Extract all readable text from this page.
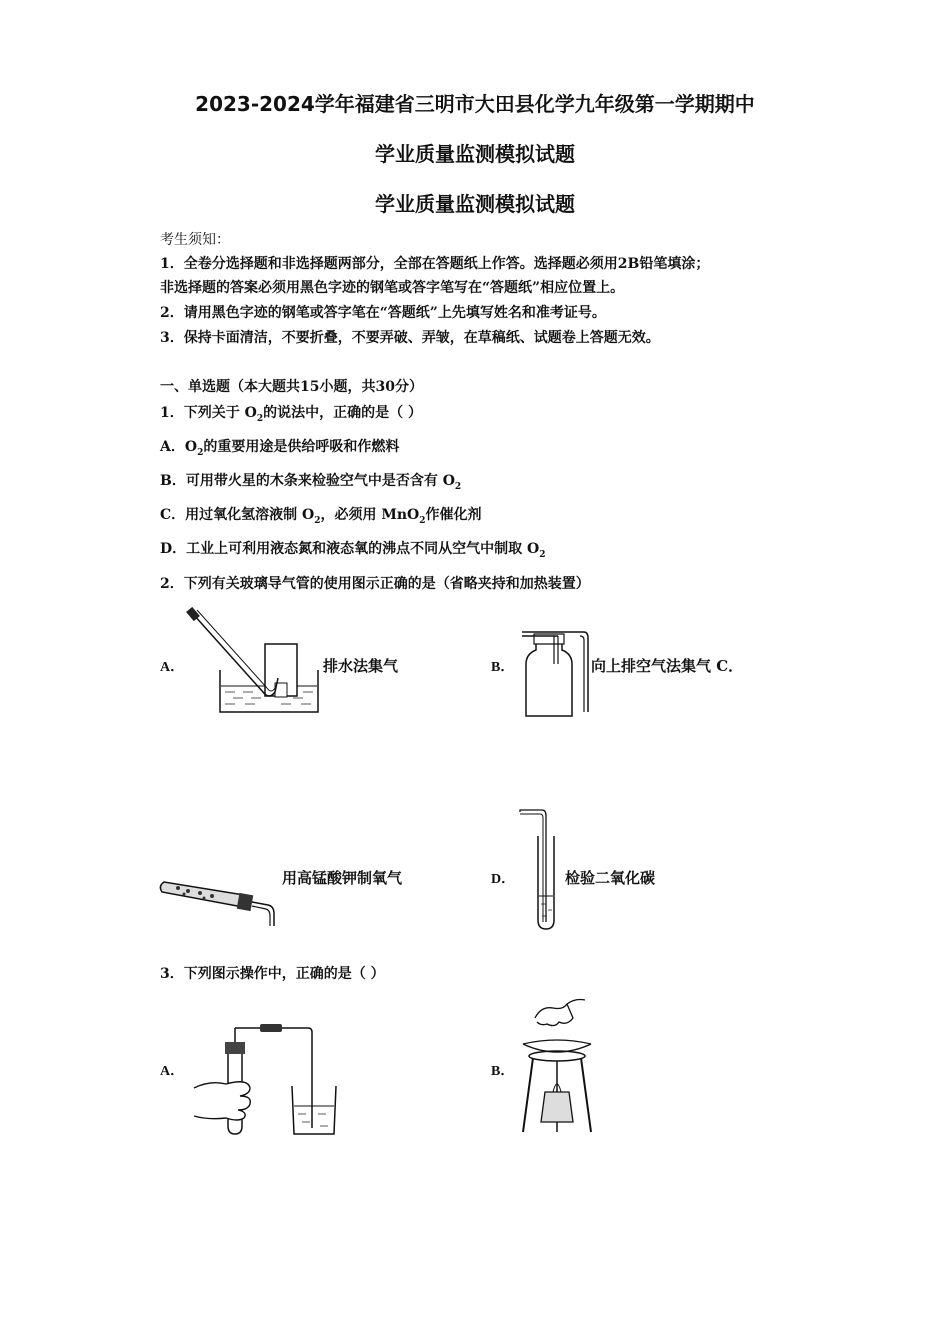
2023-2024学年福建省三明市大田县化学九年级第一学期期中
学业质量监测模拟试题
学业质量监测模拟试题
考生须知：
1．全卷分选择题和非选择题两部分，全部在答题纸上作答。选择题必须用2B铅笔填涂；
非选择题的答案必须用黑色字迹的钢笔或答字笔写在“答题纸”相应位置上。
2．请用黑色字迹的钢笔或答字笔在“答题纸”上先填写姓名和准考证号。
3．保持卡面清洁，不要折叠，不要弄破、弄皱，在草稿纸、试题卷上答题无效。
一、单选题（本大题共15小题，共30分）
1．下列关于 $O_2$的说法中，正确的是（ ）
A．$O_2$的重要用途是供给呼吸和作燃料
B．可用带火星的木条来检验空气中是否含有 $O_2$
C．用过氧化氢溶液制 $O_2$，必须用 MnO$_2$作催化剂
D．工业上可利用液态氮和液态氧的沸点不同从空气中制取 $O_2$
2．下列有关玻璃导气管的使用图示正确的是（省略夹持和加热装置）
A．	排水法集气	B．	向上排空气法集气 C．
用高锰酸钾制氧气	D．	检验二氧化碳
3．下列图示操作中，正确的是（ ）
A．	B．
